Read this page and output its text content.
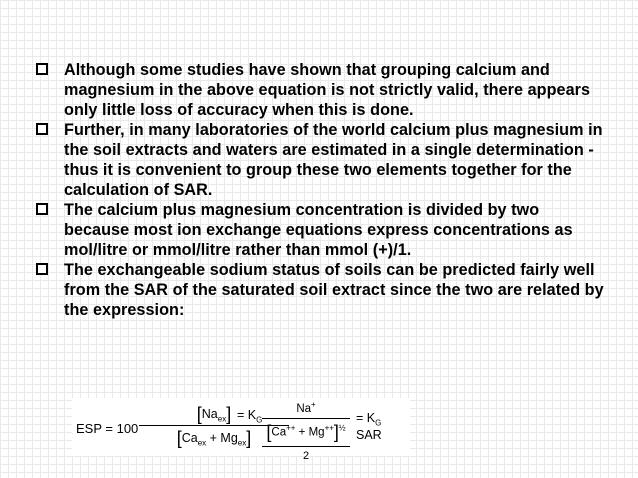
Although some studies have shown that grouping calcium and magnesium in the above equation is not strictly valid, there appears only little loss of accuracy when this is done.
Further, in many laboratories of the world calcium plus magnesium in the soil extracts and waters are estimated in a single determination - thus it is convenient to group these two elements together for the calculation of SAR.
The calcium plus magnesium concentration is divided by two because most ion exchange equations express concentrations as mol/litre or mmol/litre rather than mmol (+)/1.
The exchangeable sodium status of soils can be predicted fairly well from the SAR of the saturated soil extract since the two are related by the expression:
ESP = 100
$[Na_{ex}]$
$[Ca_{ex} + Mg_{ex}]$
= $K_G$
Na+
$[Ca^{++} + Mg^{++}]^{\frac{1}{2}}$
2
= $K_G$ SAR
